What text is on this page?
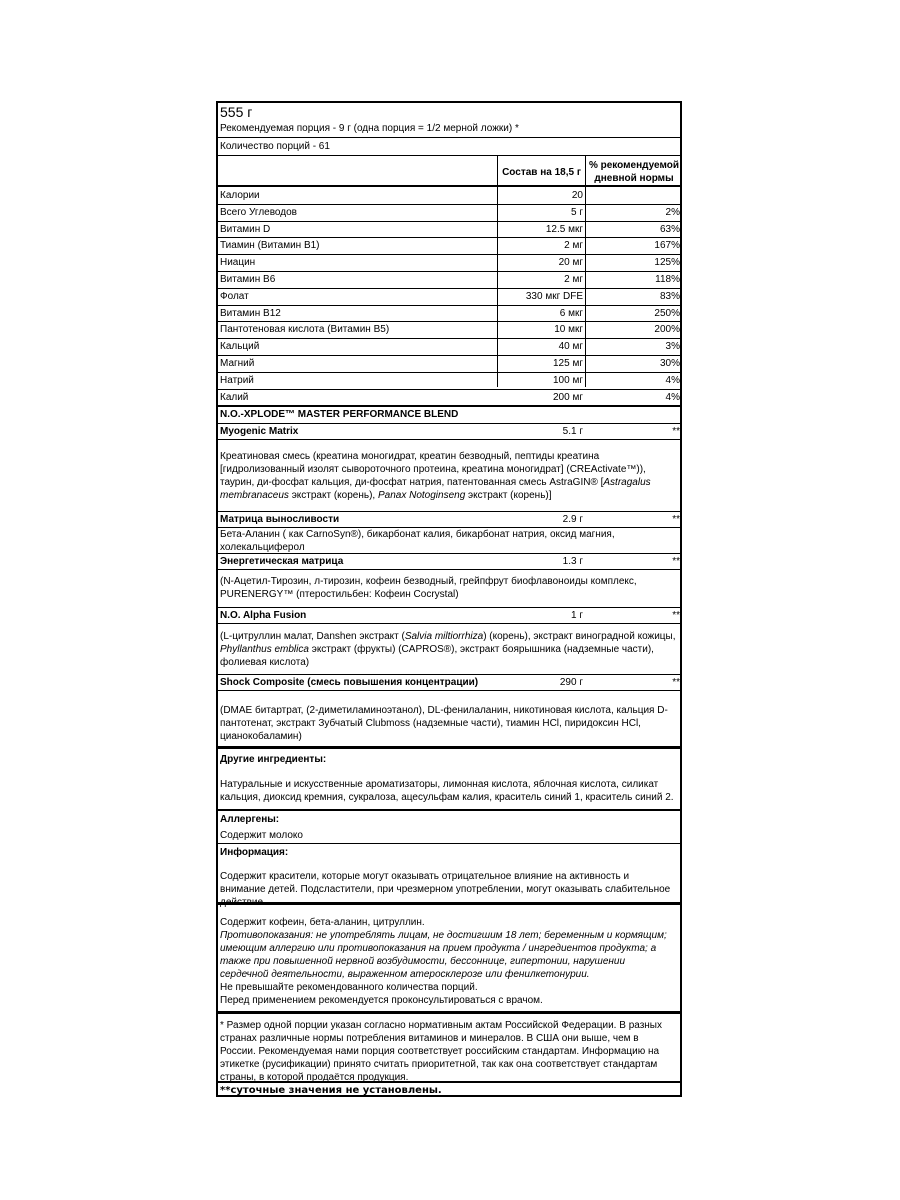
555 г
Рекомендуемая порция - 9 г (одна порция = 1/2 мерной ложки) *
Количество порций - 61
Состав на 18,5 г
% рекомендуемой
дневной нормы
Калории	20
Всего Углеводов	5 г	2%
Витамин D	12.5 мкг	63%
Тиамин (Витамин В1)	2 мг	167%
Ниацин	20 мг	125%
Витамин В6	2 мг	118%
Фолат	330 мкг DFE	83%
Витамин В12	6 мкг	250%
Пантотеновая кислота (Витамин В5)	10 мкг	200%
Кальций	40 мг	3%
Магний	125 мг	30%
Натрий	100 мг	4%
Калий	200 мг	4%
N.O.-XPLODE™ MASTER PERFORMANCE BLEND
Myogenic Matrix	5.1 г	**
Креатиновая смесь (креатина моногидрат, креатин безводный, пептиды креатина [гидролизованный изолят сывороточного протеина, креатина моногидрат] (CREActivate™)), таурин, ди-фосфат кальция, ди-фосфат натрия, патентованная смесь AstraGIN® [Astragalus membranaceus экстракт (корень), Panax Notoginseng экстракт (корень)]
Матрица выносливости	2.9 г	**
Бета-Аланин ( как CarnoSyn®), бикарбонат калия, бикарбонат натрия, оксид магния, холекальциферол
Энергетическая матрица	1.3 г	**
(N-Ацетил-Тирозин, л-тирозин, кофеин безводный, грейпфрут биофлавоноиды комплекс, PURENERGY™ (птеростильбен: Кофеин Cocrystal)
N.O. Alpha Fusion	1 г	**
(L-цитруллин малат, Danshen экстракт (Salvia miltiorrhiza) (корень), экстракт виноградной кожицы, Phyllanthus emblica экстракт (фрукты) (CAPROS®), экстракт боярышника (надземные части), фолиевая кислота)
Shock Composite (смесь повышения концентрации)	290 г	**
(DMAE битартрат, (2-диметиламиноэтанол), DL-фенилаланин, никотиновая кислота, кальция D-пантотенат, экстракт Зубчатый Clubmoss (надземные части), тиамин HCl, пиридоксин HCl, цианокобаламин)
Другие ингредиенты:
Натуральные и искусственные ароматизаторы, лимонная кислота, яблочная кислота, силикат кальция, диоксид кремния, сукралоза, ацесульфам калия, краситель синий 1, краситель синий 2.
Аллергены:
Содержит молоко
Информация:
Содержит красители, которые могут оказывать отрицательное влияние на активность и внимание детей. Подсластители, при чрезмерном употреблении, могут оказывать слабительное действие
Содержит кофеин, бета-аланин, цитруллин.
Противопоказания: не употреблять лицам, не достигшим 18 лет; беременным и кормящим; имеющим аллергию или противопоказания на прием продукта / ингредиентов продукта; а также при повышенной нервной возбудимости, бессоннице, гипертонии, нарушении сердечной деятельности, выраженном атеросклерозе или фенилкетонурии.
Не превышайте рекомендованного количества порций.
Перед применением рекомендуется проконсультироваться с врачом.
* Размер одной порции указан согласно нормативным актам Российской Федерации. В разных странах различные нормы потребления витаминов и минералов. В США они выше, чем в России. Рекомендуемая нами порция соответствует российским стандартам. Информацию на этикетке (русификации) принято считать приоритетной, так как она соответствует стандартам страны, в которой продаётся продукция.
**суточные значения не установлены.
